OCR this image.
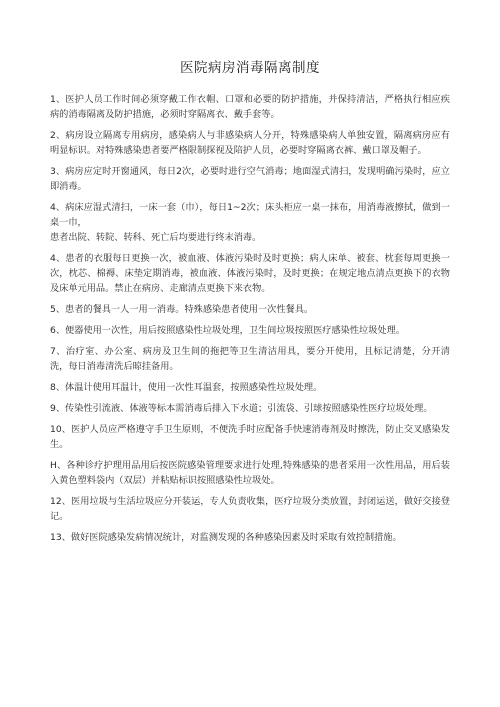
医院病房消毒隔离制度
1、医护人员工作时间必须穿戴工作衣帽、口罩和必要的防护措施，并保持清洁，严格执行相应疾病的消毒隔离及防护措施，必须时穿隔离衣、戴手套等。
2、病房设立隔离专用病房，感染病人与非感染病人分开，特殊感染病人单独安置，隔离病房应有明显标识。对特殊感染患者要严格限制探视及陪护人员，必要时穿隔离衣裤、戴口罩及帽子。
3、病房应定时开窗通风，每日2次，必要时进行空气消毒；地面湿式清扫，发现明确污染时，应立即消毒。
4、病床应湿式清扫，一床一套（巾），每日1~2次；床头柜应一桌一抹布，用消毒液擦拭，做到一桌一巾，
患者出院、转院、转科、死亡后均要进行终末消毒。
4、患者的衣服每日更换一次，被血液、体液污染时及时更换；病人床单、被套、枕套每周更换一次，枕芯、棉褥、床垫定期消毒，被血液、体液污染时，及时更换；在规定地点清点更换下的衣物及床单元用品。禁止在病房、走廊清点更换下来衣物。
5、患者的餐具一人一用一消毒。特殊感染患者使用一次性餐具。
6、便器使用一次性，用后按照感染性垃圾处理，卫生间垃圾按照医疗感染性垃圾处理。
7、治疗室、办公室、病房及卫生间的拖把等卫生清洁用具，要分开使用，且标记清楚，分开清洗，每日消毒清洗后晾挂备用。
8、体温计使用耳温计，使用一次性耳温套，按照感染性垃圾处理。
9、传染性引流液、体液等标本需消毒后排入下水道；引流袋、引球按照感染性医疗垃圾处理。
10、医护人员应严格遵守手卫生原则，不便洗手时应配备手快速消毒剂及时擦洗，防止交叉感染发生。
H、各种诊疗护理用品用后按医院感染管理要求进行处理,特殊感染的患者采用一次性用品，用后装入黄色塑料袋内（双层）并粘贴标识按照感染性垃圾处。
12、医用垃圾与生活垃圾应分开装运，专人负责收集，医疗垃圾分类放置，封闭运送，做好交接登记。
13、做好医院感染发病情况统计，对监测发现的各种感染因素及时采取有效控制措施。
